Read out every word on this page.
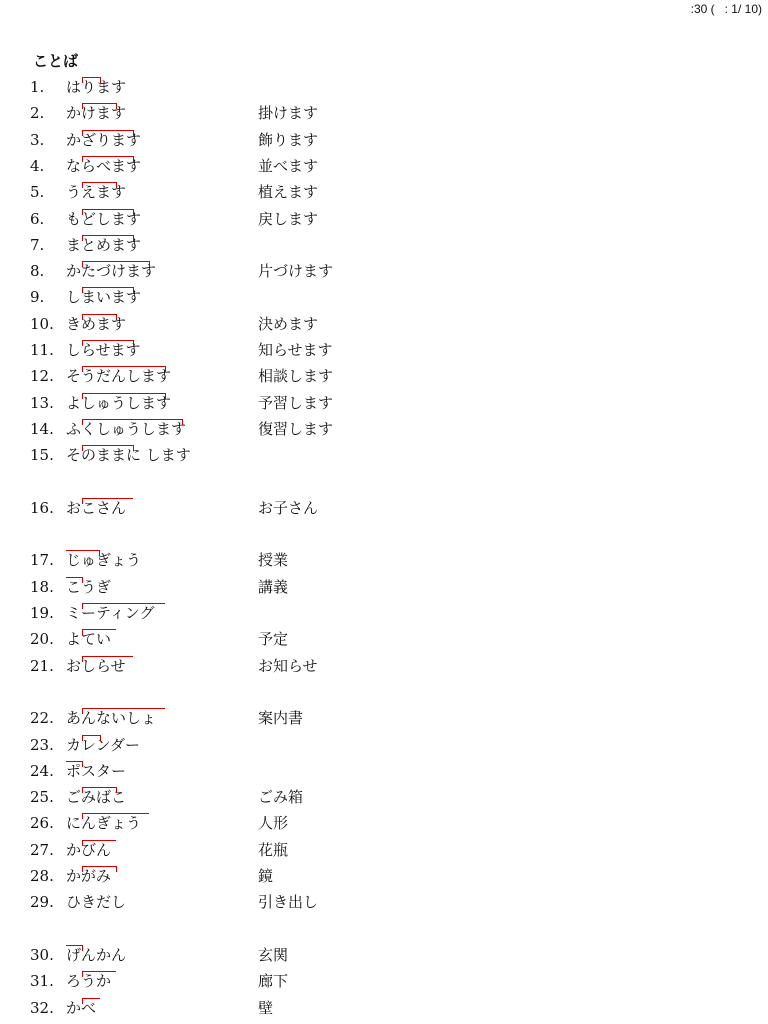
:30 (   : 1/ 10)
ことば
1.	はります
2.	かけます	掛けます
3.	かざります	飾ります
4.	ならべます	並べます
5.	うえます	植えます
6.	もどします	戻します
7.	まとめます
8.	かたづけます	片づけます
9.	しまいます
10. きめます	決めます
11. しらせます	知らせます
12. そうだんします	相談します
13. よしゅうします	予習します
14. ふくしゅうします	復習します
15. そのままに します
16. おこさん	お子さん
17. じゅぎょう	授業
18. こうぎ	講義
19. ミーティング
20. よてい	予定
21. おしらせ	お知らせ
22. あんないしょ	案内書
23. カレンダー
24. ポスター
25. ごみばこ	ごみ箱
26. にんぎょう	人形
27. かびん	花瓶
28. かがみ	鏡
29. ひきだし	引き出し
30. げんかん	玄関
31. ろうか	廊下
32. かべ	壁
